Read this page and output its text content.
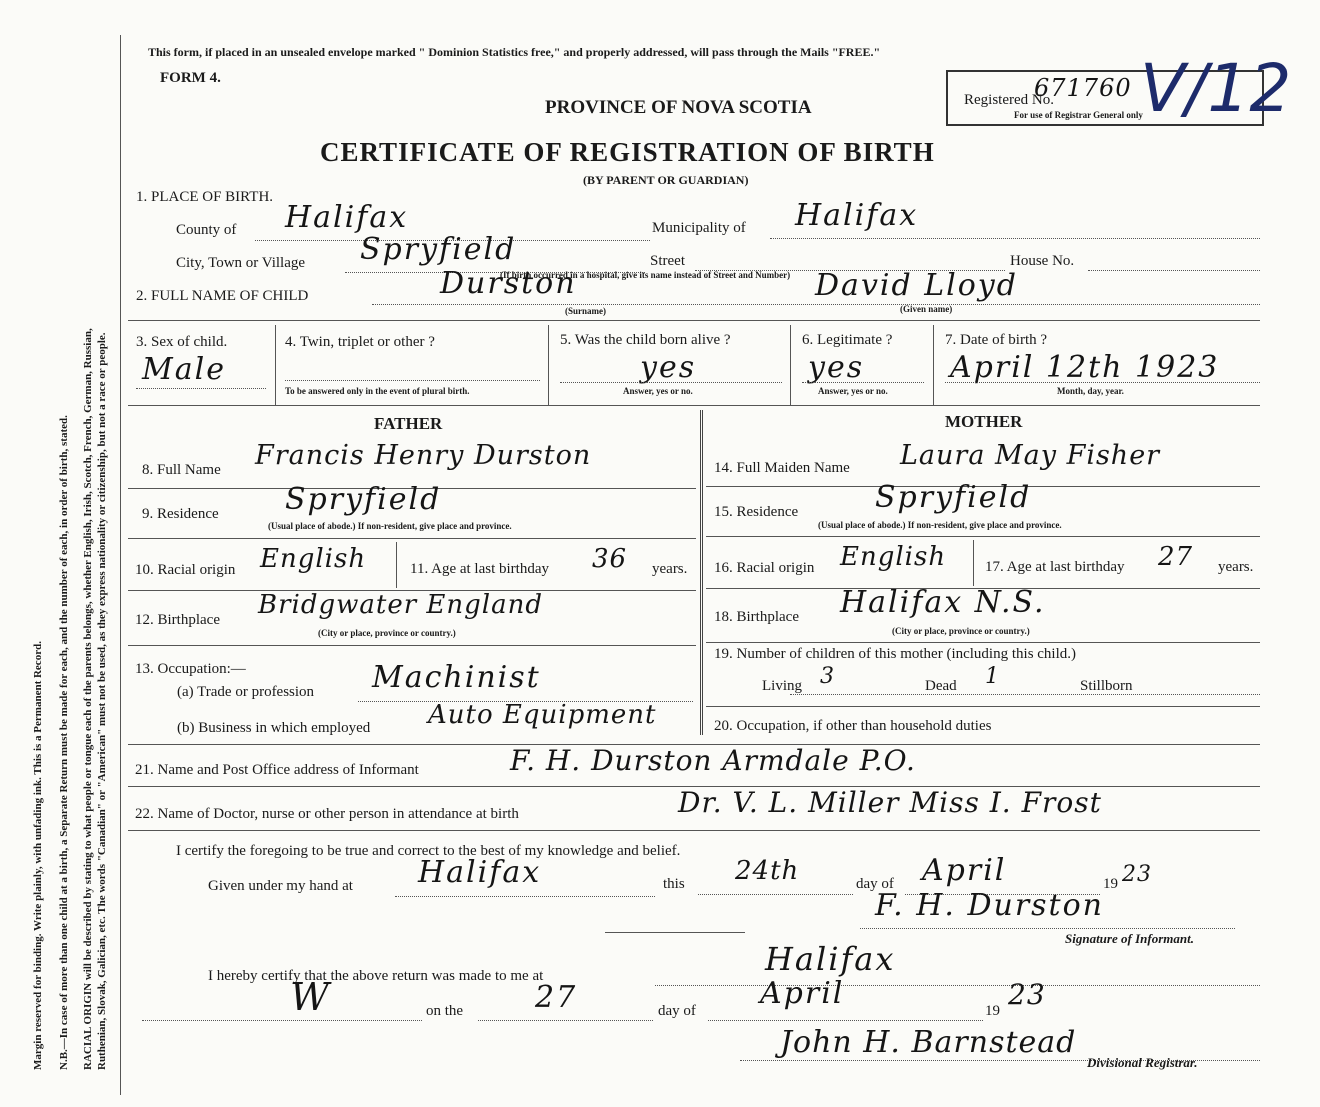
Margin reserved for binding. Write plainly, with unfading ink. This is a Permanent Record. N.B.—In case of more than one child at a birth, a Separate Return must be made for each, and the number of each, in order of birth, stated. RACIAL ORIGIN will be described by stating to what people or tongue each of the parents belongs, whether English, Irish, Scotch, French, German, Russian, Ruthenian, Slovak, Galician, etc. The words "Canadian" or "American" must not be used, as they express nationality or citizenship, but not a race or people.
This form, if placed in an unsealed envelope marked " Dominion Statistics free," and properly addressed, will pass through the Mails "FREE."
FORM 4.
PROVINCE OF NOVA SCOTIA
CERTIFICATE OF REGISTRATION OF BIRTH
(BY PARENT OR GUARDIAN)
Registered No.
For use of Registrar General only
671760 V/12
1. PLACE OF BIRTH.
County of Halifax	Municipality of Halifax
City, Town or Village Spryfield	Street	House No.
(If birth occurred in a hospital, give its name instead of Street and Number)
2. FULL NAME OF CHILD	Durston	David Lloyd
(Surname)	(Given name)
3. Sex of child.
Male
4. Twin, triplet or other ?
To be answered only in the event of plural birth.
5. Was the child born alive ?
yes
Answer, yes or no.
6. Legitimate ?
yes
Answer, yes or no.
7. Date of birth ?
April 12th 1923
Month, day, year.
FATHER	MOTHER
8. Full Name Francis Henry Durston
9. Residence Spryfield
(Usual place of abode.) If non-resident, give place and province.
10. Racial origin English	11. Age at last birthday 36 years.
12. Birthplace Bridgwater England
(City or place, province or country.)
13. Occupation:—
(a) Trade or profession Machinist
(b) Business in which employed Auto Equipment
14. Full Maiden Name Laura May Fisher
15. Residence	Spryfield
(Usual place of abode.) If non-resident, give place and province.
16. Racial origin English	17. Age at last birthday 27 years.
18. Birthplace Halifax N.S.
(City or place, province or country.)
19. Number of children of this mother (including this child.)
Living 3	Dead 1	Stillborn
20. Occupation, if other than household duties
21. Name and Post Office address of Informant	F. H. Durston Armdale P.O.
22. Name of Doctor, nurse or other person in attendance at birth	Dr. V. L. Miller Miss I. Frost
I certify the foregoing to be true and correct to the best of my knowledge and belief.
Given under my hand at Halifax	this 24th	day of April	19 23
F. H. Durston
Signature of Informant.
I hereby certify that the above return was made to me at	Halifax
W	on the 27	day of April	19 23
John H. Barnstead
Divisional Registrar.
